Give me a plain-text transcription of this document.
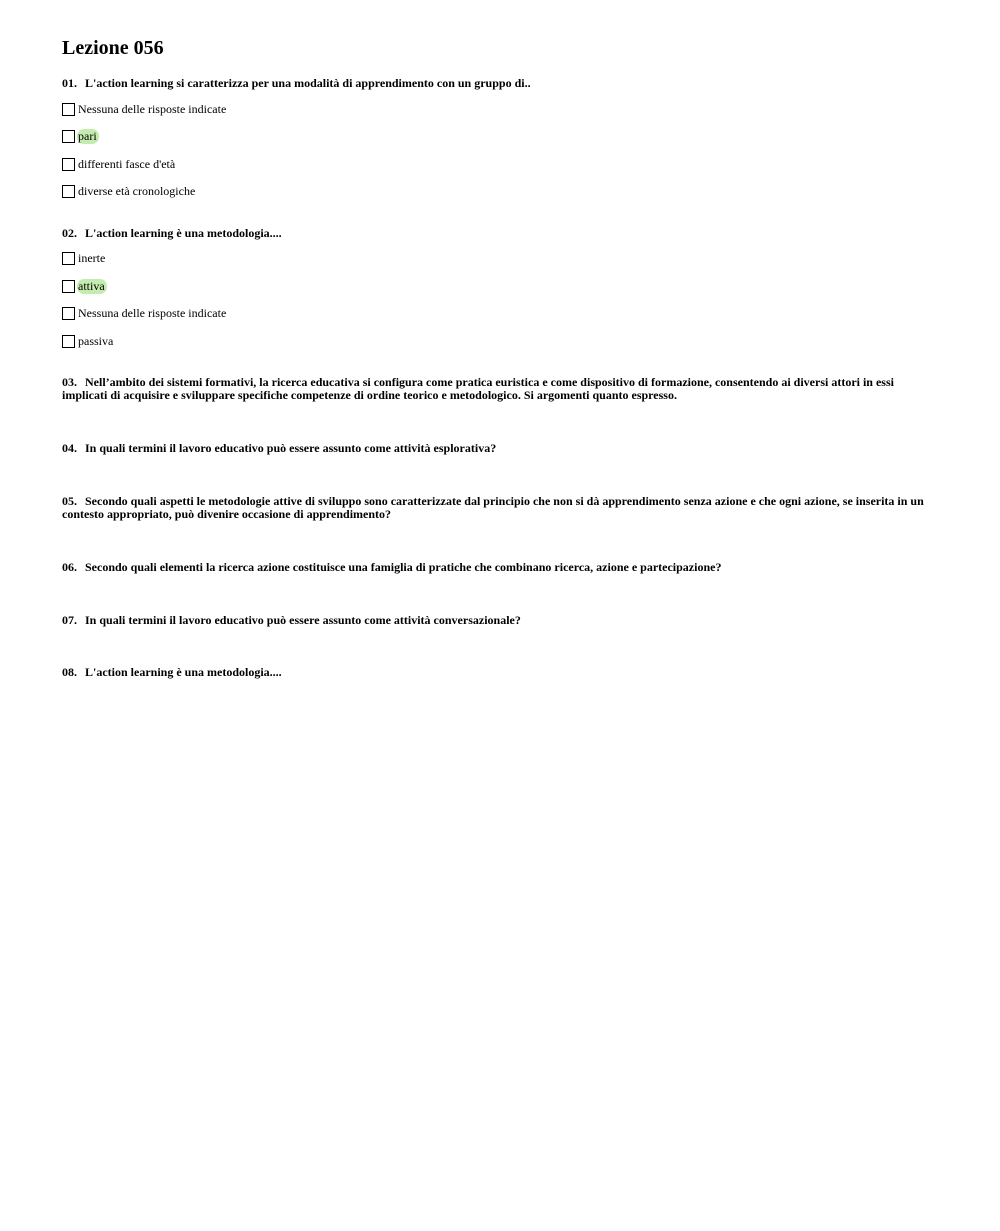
Lezione 056

01. L'action learning si caratterizza per una modalità di apprendimento con un gruppo di..

Nessuna delle risposte indicate
pari
differenti fasce d'età
diverse età cronologiche

02. L'action learning è una metodologia....

inerte
attiva
Nessuna delle risposte indicate
passiva

03. Nell’ambito dei sistemi formativi, la ricerca educativa si configura come pratica euristica e come dispositivo di formazione, consentendo ai diversi attori in essi implicati di acquisire e sviluppare specifiche competenze di ordine teorico e metodologico. Si argomenti quanto espresso.

04. In quali termini il lavoro educativo può essere assunto come attività esplorativa?

05. Secondo quali aspetti le metodologie attive di sviluppo sono caratterizzate dal principio che non si dà apprendimento senza azione e che ogni azione, se inserita in un contesto appropriato, può divenire occasione di apprendimento?

06. Secondo quali elementi la ricerca azione costituisce una famiglia di pratiche che combinano ricerca, azione e partecipazione?

07. In quali termini il lavoro educativo può essere assunto come attività conversazionale?

08. L'action learning è una metodologia....
